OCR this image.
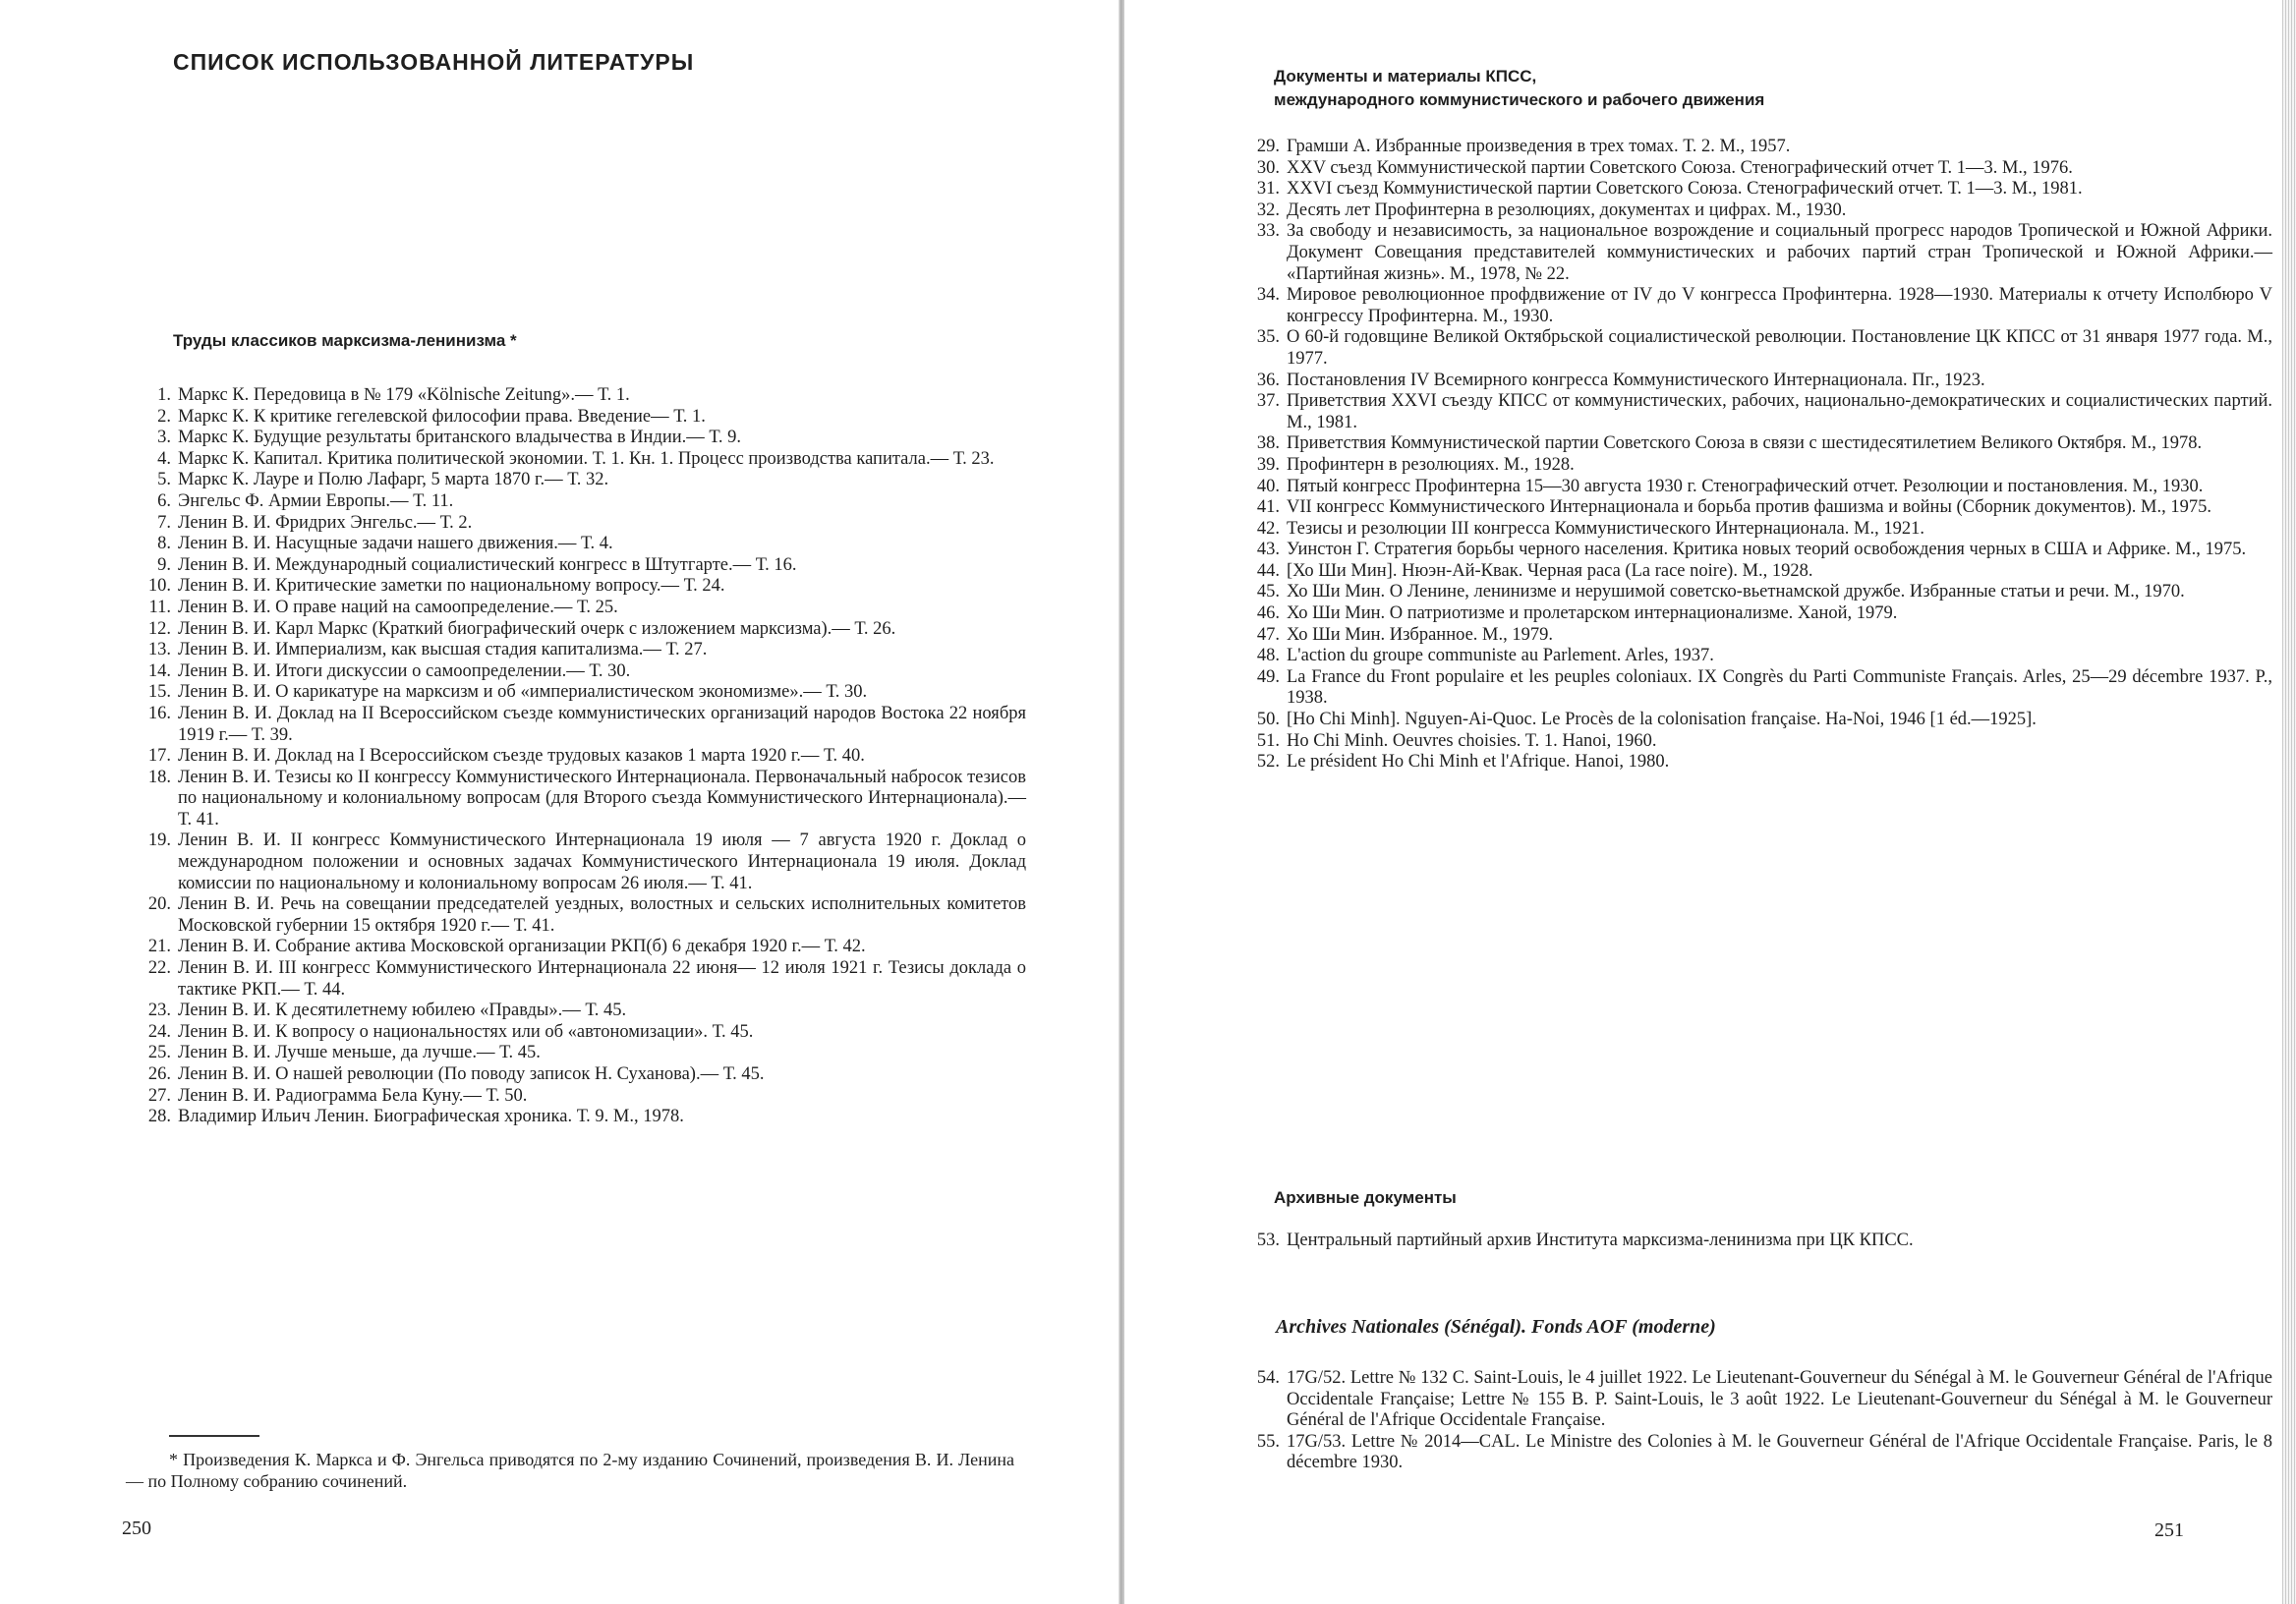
СПИСОК ИСПОЛЬЗОВАННОЙ ЛИТЕРАТУРЫ
Труды классиков марксизма-ленинизма *
1. Маркс К. Передовица в № 179 «Kölnische Zeitung».— Т. 1.
2. Маркс К. К критике гегелевской философии права. Введение— Т. 1.
3. Маркс К. Будущие результаты британского владычества в Индии.— Т. 9.
4. Маркс К. Капитал. Критика политической экономии. Т. 1. Кн. 1. Процесс производства капитала.— Т. 23.
5. Маркс К. Лауре и Полю Лафарг, 5 марта 1870 г.— Т. 32.
6. Энгельс Ф. Армии Европы.— Т. 11.
7. Ленин В. И. Фридрих Энгельс.— Т. 2.
8. Ленин В. И. Насущные задачи нашего движения.— Т. 4.
9. Ленин В. И. Международный социалистический конгресс в Штутгарте.— Т. 16.
10. Ленин В. И. Критические заметки по национальному вопросу.— Т. 24.
11. Ленин В. И. О праве наций на самоопределение.— Т. 25.
12. Ленин В. И. Карл Маркс (Краткий биографический очерк с изложением марксизма).— Т. 26.
13. Ленин В. И. Империализм, как высшая стадия капитализма.— Т. 27.
14. Ленин В. И. Итоги дискуссии о самоопределении.— Т. 30.
15. Ленин В. И. О карикатуре на марксизм и об «империалистическом экономизме».— Т. 30.
16. Ленин В. И. Доклад на II Всероссийском съезде коммунистических организаций народов Востока 22 ноября 1919 г.— Т. 39.
17. Ленин В. И. Доклад на I Всероссийском съезде трудовых казаков 1 марта 1920 г.— Т. 40.
18. Ленин В. И. Тезисы ко II конгрессу Коммунистического Интернационала. Первоначальный набросок тезисов по национальному и колониальному вопросам (для Второго съезда Коммунистического Интернационала).— Т. 41.
19. Ленин В. И. II конгресс Коммунистического Интернационала 19 июля — 7 августа 1920 г. Доклад о международном положении и основных задачах Коммунистического Интернационала 19 июля. Доклад комиссии по национальному и колониальному вопросам 26 июля.— Т. 41.
20. Ленин В. И. Речь на совещании председателей уездных, волостных и сельских исполнительных комитетов Московской губернии 15 октября 1920 г.— Т. 41.
21. Ленин В. И. Собрание актива Московской организации РКП(б) 6 декабря 1920 г.— Т. 42.
22. Ленин В. И. III конгресс Коммунистического Интернационала 22 июня— 12 июля 1921 г. Тезисы доклада о тактике РКП.— Т. 44.
23. Ленин В. И. К десятилетнему юбилею «Правды».— Т. 45.
24. Ленин В. И. К вопросу о национальностях или об «автономизации». Т. 45.
25. Ленин В. И. Лучше меньше, да лучше.— Т. 45.
26. Ленин В. И. О нашей революции (По поводу записок Н. Суханова).— Т. 45.
27. Ленин В. И. Радиограмма Бела Куну.— Т. 50.
28. Владимир Ильич Ленин. Биографическая хроника. Т. 9. М., 1978.
* Произведения К. Маркса и Ф. Энгельса приводятся по 2-му изданию Сочинений, произведения В. И. Ленина — по Полному собранию сочинений.
250
Документы и материалы КПСС,
международного коммунистического и рабочего движения
29. Грамши А. Избранные произведения в трех томах. Т. 2. М., 1957.
30. XXV съезд Коммунистической партии Советского Союза. Стенографический отчет Т. 1—3. М., 1976.
31. XXVI съезд Коммунистической партии Советского Союза. Стенографический отчет. Т. 1—3. М., 1981.
32. Десять лет Профинтерна в резолюциях, документах и цифрах. М., 1930.
33. За свободу и независимость, за национальное возрождение и социальный прогресс народов Тропической и Южной Африки. Документ Совещания представителей коммунистических и рабочих партий стран Тропической и Южной Африки.— «Партийная жизнь». М., 1978, № 22.
34. Мировое революционное профдвижение от IV до V конгресса Профинтерна. 1928—1930. Материалы к отчету Исполбюро V конгрессу Профинтерна. М., 1930.
35. О 60-й годовщине Великой Октябрьской социалистической революции. Постановление ЦК КПСС от 31 января 1977 года. М., 1977.
36. Постановления IV Всемирного конгресса Коммунистического Интернационала. Пг., 1923.
37. Приветствия XXVI съезду КПСС от коммунистических, рабочих, национально-демократических и социалистических партий. М., 1981.
38. Приветствия Коммунистической партии Советского Союза в связи с шестидесятилетием Великого Октября. М., 1978.
39. Профинтерн в резолюциях. М., 1928.
40. Пятый конгресс Профинтерна 15—30 августа 1930 г. Стенографический отчет. Резолюции и постановления. М., 1930.
41. VII конгресс Коммунистического Интернационала и борьба против фашизма и войны (Сборник документов). М., 1975.
42. Тезисы и резолюции III конгресса Коммунистического Интернационала. М., 1921.
43. Уинстон Г. Стратегия борьбы черного населения. Критика новых теорий освобождения черных в США и Африке. М., 1975.
44. [Хо Ши Мин]. Нюэн-Ай-Квак. Черная раса (La race noire). М., 1928.
45. Хо Ши Мин. О Ленине, ленинизме и нерушимой советско-вьетнамской дружбе. Избранные статьи и речи. М., 1970.
46. Хо Ши Мин. О патриотизме и пролетарском интернационализме. Ханой, 1979.
47. Хо Ши Мин. Избранное. М., 1979.
48. L'action du groupe communiste au Parlement. Arles, 1937.
49. La France du Front populaire et les peuples coloniaux. IX Congrès du Parti Communiste Français. Arles, 25—29 décembre 1937. P., 1938.
50. [Ho Chi Minh]. Nguyen-Ai-Quoc. Le Procès de la colonisation française. Ha-Noi, 1946 [1 éd.—1925].
51. Ho Chi Minh. Oeuvres choisies. T. 1. Hanoi, 1960.
52. Le président Ho Chi Minh et l'Afrique. Hanoi, 1980.
Архивные документы
53. Центральный партийный архив Института марксизма-ленинизма при ЦК КПСС.
Archives Nationales (Sénégal). Fonds AOF (moderne)
54. 17G/52. Lettre № 132 C. Saint-Louis, le 4 juillet 1922. Le Lieutenant-Gouverneur du Sénégal à M. le Gouverneur Général de l'Afrique Occidentale Française; Lettre № 155 B. P. Saint-Louis, le 3 août 1922. Le Lieutenant-Gouverneur du Sénégal à M. le Gouverneur Général de l'Afrique Occidentale Française.
55. 17G/53. Lettre № 2014—CAL. Le Ministre des Colonies à M. le Gouverneur Général de l'Afrique Occidentale Française. Paris, le 8 décembre 1930.
251
